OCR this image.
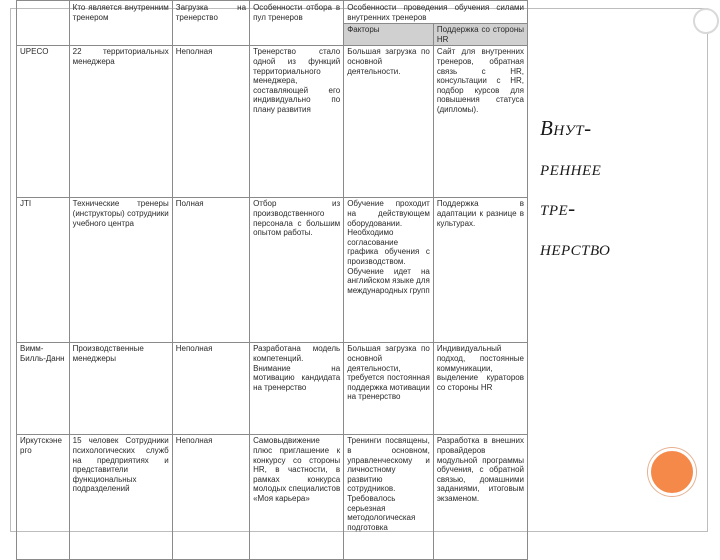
	Кто является внутренним тренером	Загрузка на тренерство	Особенности отбора в пул тренеров	Особенности проведения обучения силами внутренних тренеров	
				Факторы	Поддержка со стороны HR
UPECO	22 территориальных менеджера	Неполная	Тренерство стало одной из функций территориального менеджера, составляющей его индивидуально по плану развития	Большая загрузка по основной деятельности.	Сайт для внутренних тренеров, обратная связь с HR, консультации с HR, подбор курсов для повышения статуса (дипломы).
JTI	Технические тренеры (инструкторы) сотрудники учебного центра	Полная	Отбор из производственного персонала с большим опытом работы.	Обучение проходит на действующем оборудовании. Необходимо согласование графика обучения с производством. Обучение идет на английском языке для международных групп	Поддержка в адаптации к разнице в культурах.
Вимм-Билль-Данн	Производственные менеджеры	Неполная	Разработана модель компетенций. Внимание на мотивацию кандидата на тренерство	Большая загрузка по основной деятельности, требуется постоянная поддержка мотивации на тренерство	Индивидуальный подход, постоянные коммуникации, выделение кураторов со стороны HR
Иркутскэнерго	15 человек Сотрудники психологических служб на предприятиях и представители функциональных подразделений	Неполная	Самовыдвижение плюс приглашение к конкурсу со стороны HR, в частности, в рамках конкурса молодых специалистов «Моя карьера»	Тренинги посвящены, в основном, управленческому и личностному развитию сотрудников. Требовалось серьезная методологическая подготовка	Разработка в внешних провайдеров модульной программы обучения, с обратной связью, домашними заданиями, итоговым экзаменом.
Внут-
реннее
тре-
нерство
